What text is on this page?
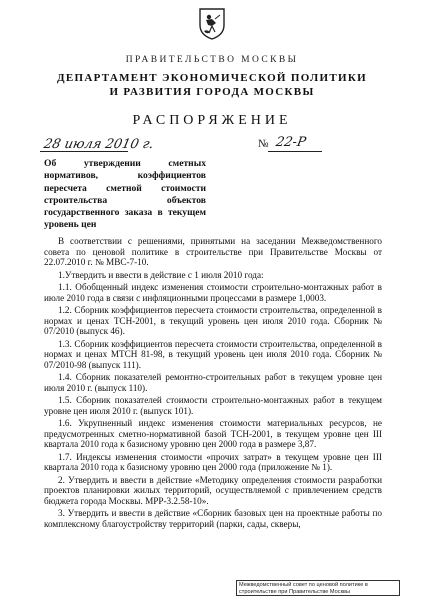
ПРАВИТЕЛЬСТВО МОСКВЫ
ДЕПАРТАМЕНТ ЭКОНОМИЧЕСКОЙ ПОЛИТИКИ
И РАЗВИТИЯ ГОРОДА МОСКВЫ
РАСПОРЯЖЕНИЕ
28 июля 2010 г.	№ 22-Р
Об утверждении сметных нормативов, коэффициентов пересчета сметной стоимости строительства объектов государственного заказа в текущем уровень цен

В соответствии с решениями, принятыми на заседании Межведомственного совета по ценовой политике в строительстве при Правительстве Москвы от 22.07.2010 г. № МВС-7-10.

1.Утвердить и ввести в действие с 1 июля 2010 года:

1.1. Обобщенный индекс изменения стоимости строительно-монтажных работ в июле 2010 года в связи с инфляционными процессами в размере 1,0003.

1.2. Сборник коэффициентов пересчета стоимости строительства, определенной в нормах и ценах ТСН-2001, в текущий уровень цен июля 2010 года. Сборник № 07/2010 (выпуск 46).

1.3. Сборник коэффициентов пересчета стоимости строительства, определенной в нормах и ценах МТСН 81-98, в текущий уровень цен июля 2010 года. Сборник № 07/2010-98 (выпуск 111).

1.4. Сборник показателей ремонтно-строительных работ в текущем уровне цен июля 2010 г. (выпуск 110).

1.5. Сборник показателей стоимости строительно-монтажных работ в текущем уровне цен июля 2010 г. (выпуск 101).

1.6. Укрупненный индекс изменения стоимости материальных ресурсов, не предусмотренных сметно-нормативной базой ТСН-2001, в текущем уровне цен III квартала 2010 года к базисному уровню цен 2000 года в размере 3,87.

1.7. Индексы изменения стоимости «прочих затрат» в текущем уровне цен III квартала 2010 года к базисному уровню цен 2000 года (приложение № 1).

2. Утвердить и ввести в действие «Методику определения стоимости разработки проектов планировки жилых территорий, осуществляемой с привлечением средств бюджета города Москвы. МРР-3.2.58-10».

3. Утвердить и ввести в действие «Сборник базовых цен на проектные работы по комплексному благоустройству территорий (парки, сады, скверы,

Межведомственный совет по ценовой политике в
строительстве при Правительстве Москвы
